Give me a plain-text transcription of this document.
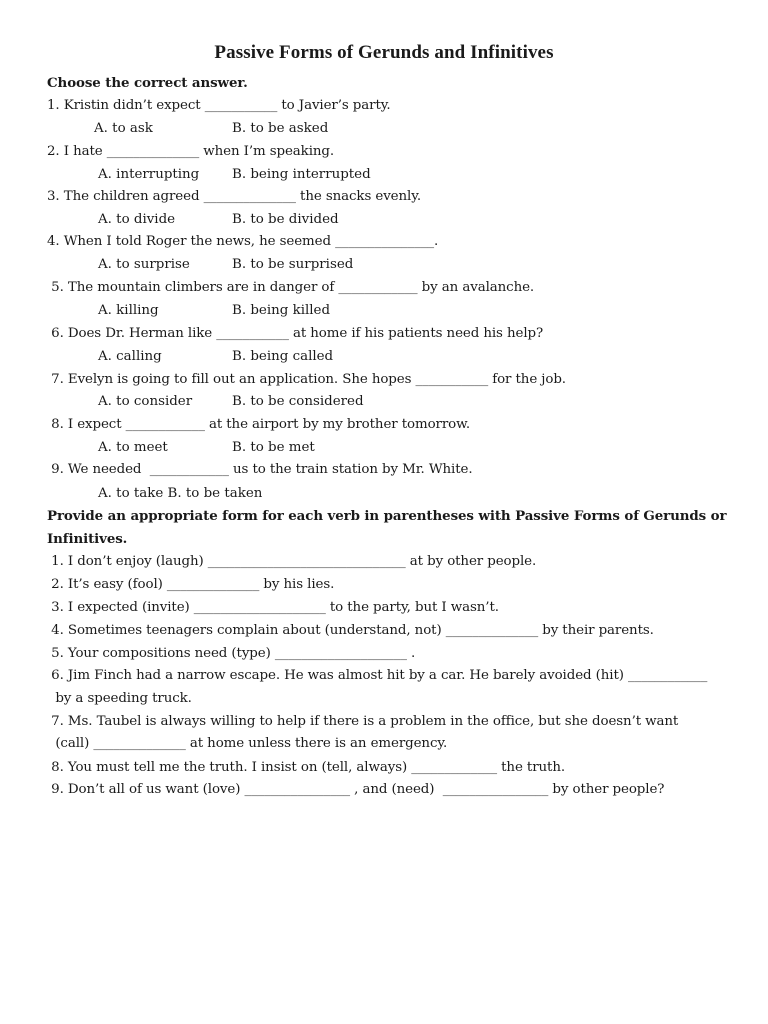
Passive Forms of Gerunds and Infinitives
Choose the correct answer.
1. Kristin didn’t expect ___________ to Javier’s party.
A. to ask	B. to be asked
2. I hate ______________ when I’m speaking.
A. interrupting B. being interrupted
3. The children agreed ______________ the snacks evenly.
A. to divide	B. to be divided
4. When I told Roger the news, he seemed _______________.
A. to surprise	B. to be surprised
5. The mountain climbers are in danger of ____________ by an avalanche.
A. killing	B. being killed
6. Does Dr. Herman like ___________ at home if his patients need his help?
A. calling	B. being called
7. Evelyn is going to fill out an application. She hopes ___________ for the job.
A. to consider	B. to be considered
8. I expect ____________ at the airport by my brother tomorrow.
A. to meet	B. to be met
9. We needed  ____________ us to the train station by Mr. White.
A. to take B. to be taken
Provide an appropriate form for each verb in parentheses with Passive Forms of Gerunds or
Infinitives.
1. I don’t enjoy (laugh) ______________________________ at by other people.
2. It’s easy (fool) ______________ by his lies.
3. I expected (invite) ____________________ to the party, but I wasn’t.
4. Sometimes teenagers complain about (understand, not) ______________ by their parents.
5. Your compositions need (type) ____________________ .
6. Jim Finch had a narrow escape. He was almost hit by a car. He barely avoided (hit) ____________
by a speeding truck.
7. Ms. Taubel is always willing to help if there is a problem in the office, but she doesn’t want
(call) ______________ at home unless there is an emergency.
8. You must tell me the truth. I insist on (tell, always) _____________ the truth.
9. Don’t all of us want (love) ________________ , and (need)  ________________ by other people?
